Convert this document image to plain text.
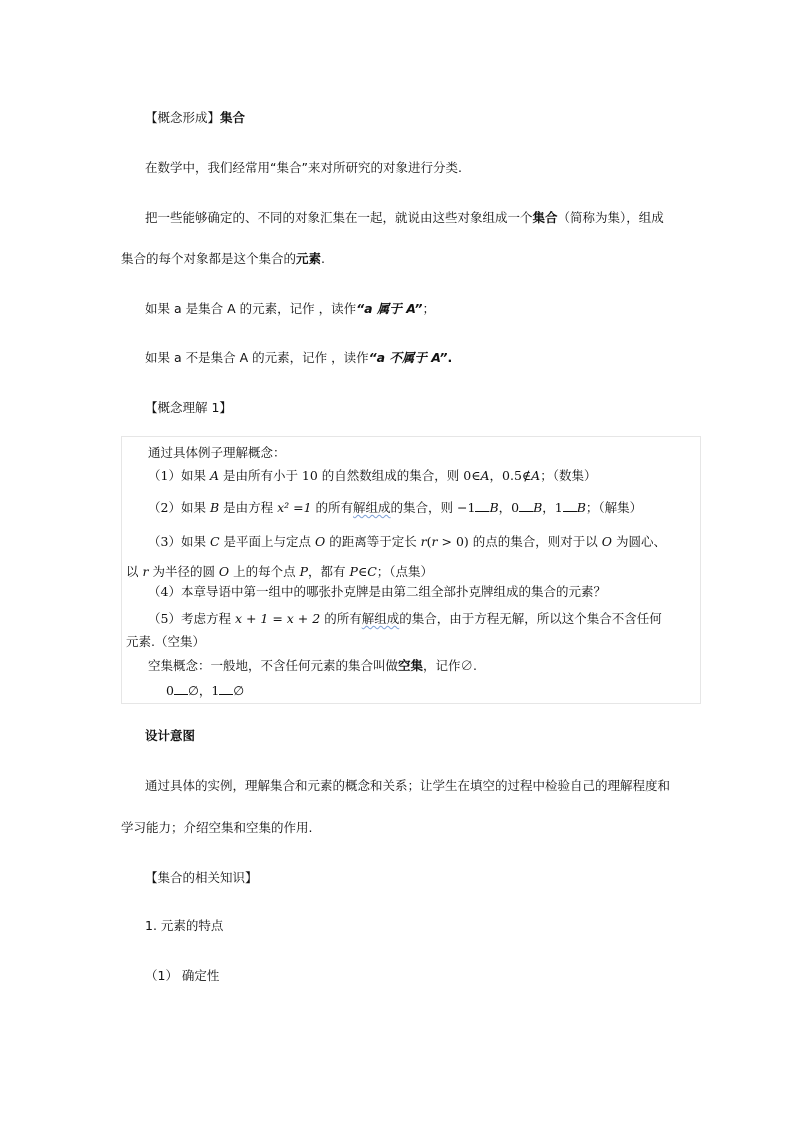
【概念形成】集合
在数学中，我们经常用“集合”来对所研究的对象进行分类.
把一些能够确定的、不同的对象汇集在一起，就说由这些对象组成一个集合（简称为集），组成
集合的每个对象都是这个集合的元素.
如果 a 是集合 A 的元素，记作 ，读作“a 属于 A”；
如果 a 不是集合 A 的元素，记作 ，读作“a 不属于 A”.
【概念理解 1】
通过具体例子理解概念：
（1）如果 A 是由所有小于 10 的自然数组成的集合，则 0∈A，0.5∉A；（数集）
（2）如果 B 是由方程 x² =1 的所有解组成的集合，则 −1 B，0 B，1 B；（解集）
（3）如果 C 是平面上与定点 O 的距离等于定长 r(r > 0) 的点的集合，则对于以 O 为圆心、
以 r 为半径的圆 O 上的每个点 P，都有 P∈C；（点集）
（4）本章导语中第一组中的哪张扑克牌是由第二组全部扑克牌组成的集合的元素？
（5）考虑方程 x + 1 = x + 2 的所有解组成的集合，由于方程无解，所以这个集合不含任何
元素.（空集）
空集概念：一般地，不含任何元素的集合叫做空集，记作∅.
0 ∅，1 ∅
设计意图
通过具体的实例，理解集合和元素的概念和关系；让学生在填空的过程中检验自己的理解程度和
学习能力；介绍空集和空集的作用.
【集合的相关知识】
1. 元素的特点
（1） 确定性
